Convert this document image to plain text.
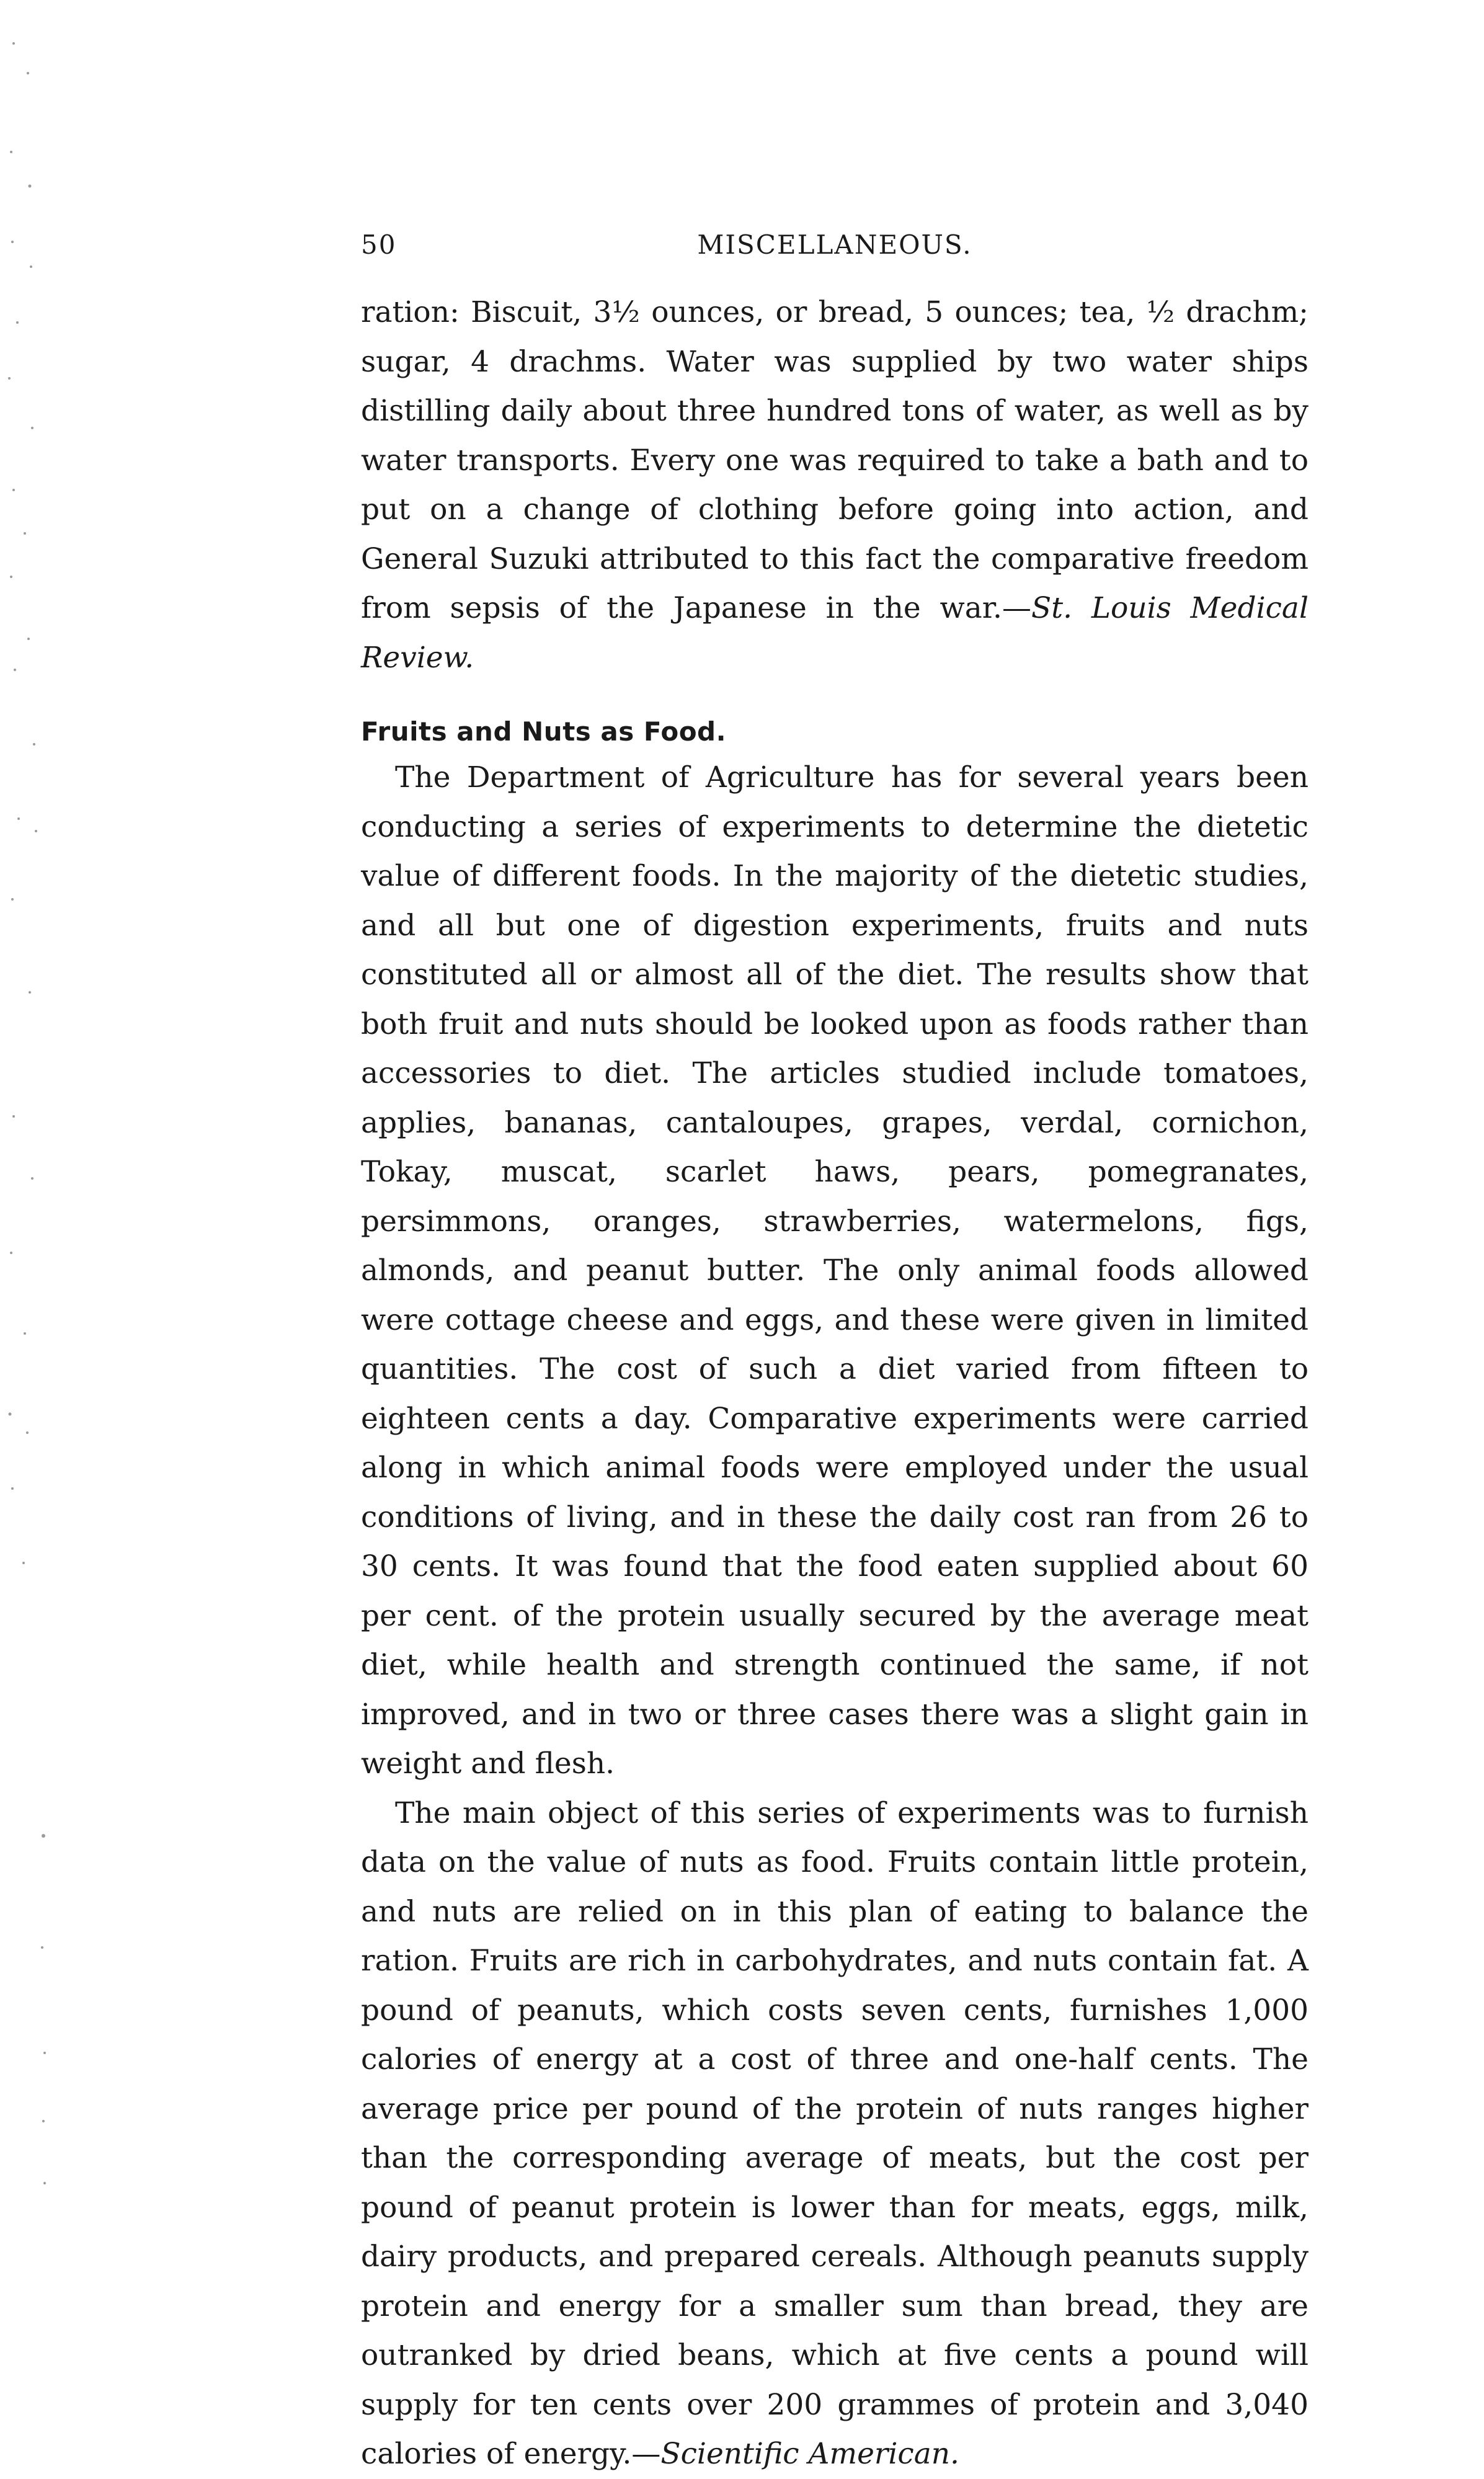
50	MISCELLANEOUS.

ration: Biscuit, 3½ ounces, or bread, 5 ounces; tea, ½ drachm; sugar, 4 drachms. Water was supplied by two water ships distilling daily about three hundred tons of water, as well as by water transports. Every one was required to take a bath and to put on a change of clothing before going into action, and General Suzuki attributed to this fact the comparative freedom from sepsis of the Japanese in the war.—St. Louis Medical Review.

Fruits and Nuts as Food.

The Department of Agriculture has for several years been conducting a series of experiments to determine the dietetic value of different foods. In the majority of the dietetic studies, and all but one of digestion experiments, fruits and nuts constituted all or almost all of the diet. The results show that both fruit and nuts should be looked upon as foods rather than accessories to diet. The articles studied include tomatoes, applies, bananas, cantaloupes, grapes, verdal, cornichon, Tokay, muscat, scarlet haws, pears, pomegranates, persimmons, oranges, strawberries, watermelons, figs, almonds, and peanut butter. The only animal foods allowed were cottage cheese and eggs, and these were given in limited quantities. The cost of such a diet varied from fifteen to eighteen cents a day. Comparative experiments were carried along in which animal foods were employed under the usual conditions of living, and in these the daily cost ran from 26 to 30 cents. It was found that the food eaten supplied about 60 per cent. of the protein usually secured by the average meat diet, while health and strength continued the same, if not improved, and in two or three cases there was a slight gain in weight and flesh.

The main object of this series of experiments was to furnish data on the value of nuts as food. Fruits contain little protein, and nuts are relied on in this plan of eating to balance the ration. Fruits are rich in carbohydrates, and nuts contain fat. A pound of peanuts, which costs seven cents, furnishes 1,000 calories of energy at a cost of three and one-half cents. The average price per pound of the protein of nuts ranges higher than the corresponding average of meats, but the cost per pound of peanut protein is lower than for meats, eggs, milk, dairy products, and prepared cereals. Although peanuts supply protein and energy for a smaller sum than bread, they are outranked by dried beans, which at five cents a pound will supply for ten cents over 200 grammes of protein and 3,040 calories of energy.—Scientific American.
